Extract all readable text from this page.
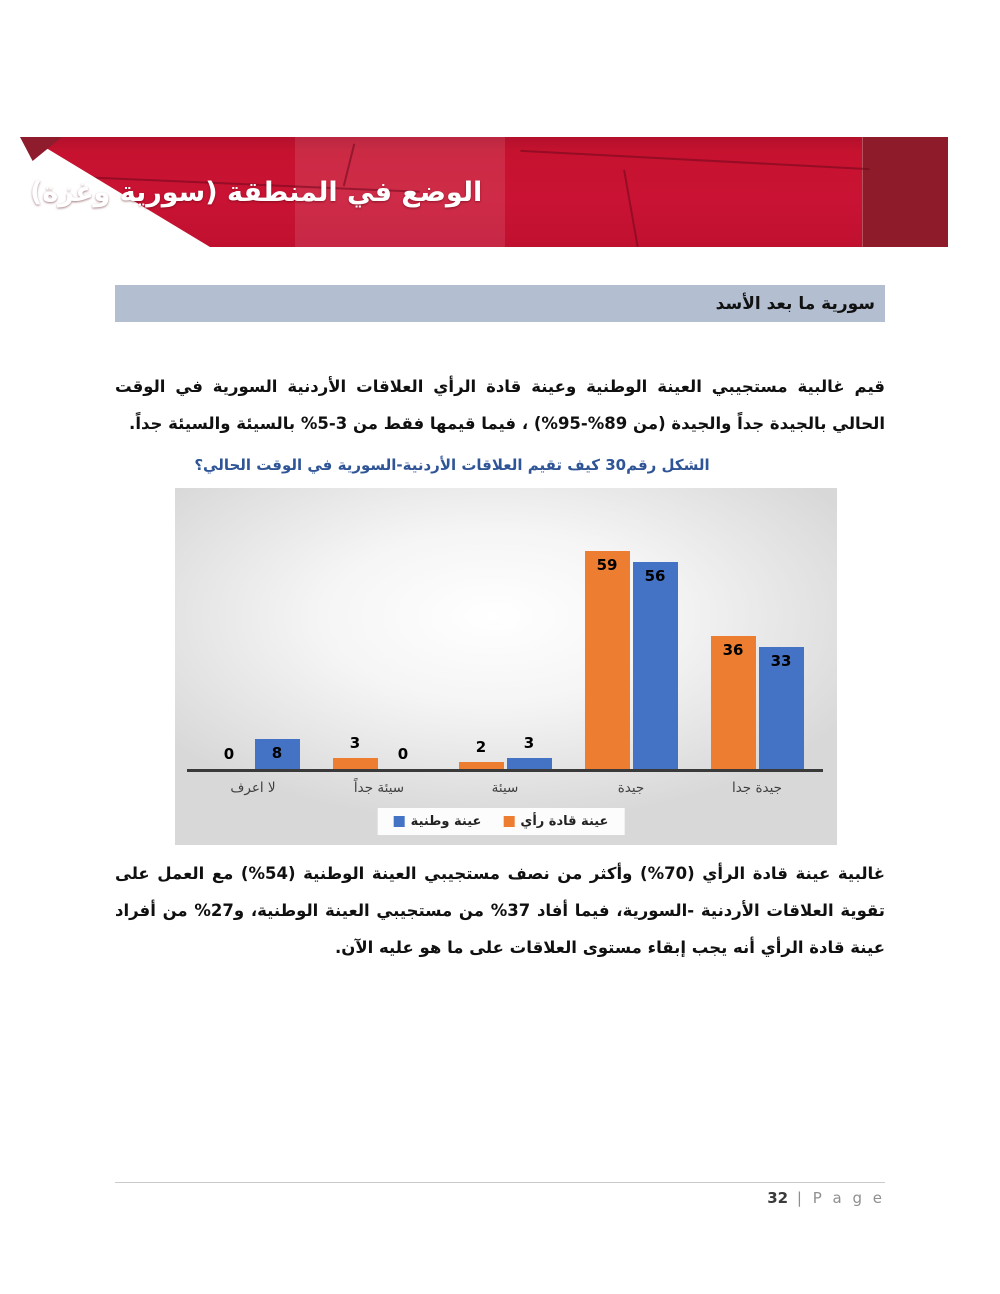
الوضع في المنطقة (سورية وغزة)
سورية ما بعد الأسد

قيم غالبية مستجيبي العينة الوطنية وعينة قادة الرأي العلاقات الأردنية السورية في الوقت الحالي بالجيدة جداً والجيدة (من 89%-95%) ، فيما قيمها فقط من 3-5% بالسيئة والسيئة جداً.

الشكل رقم30 كيف تقيم العلاقات الأردنية-السورية في الوقت الحالي؟

0	8
3
0	2	3
59
56
36
33
لا اعرف	سيئة جداً	سيئة	جيدة	جيدة جدا
عينة وطنية	عينة قادة رأي

غالبية عينة قادة الرأي (70%) وأكثر من نصف مستجيبي العينة الوطنية (54%) مع العمل على تقوية العلاقات الأردنية -السورية، فيما أفاد 37% من مستجيبي العينة الوطنية، و27% من أفراد عينة قادة الرأي أنه يجب إبقاء مستوى العلاقات على ما هو عليه الآن.

32 | P a g e
